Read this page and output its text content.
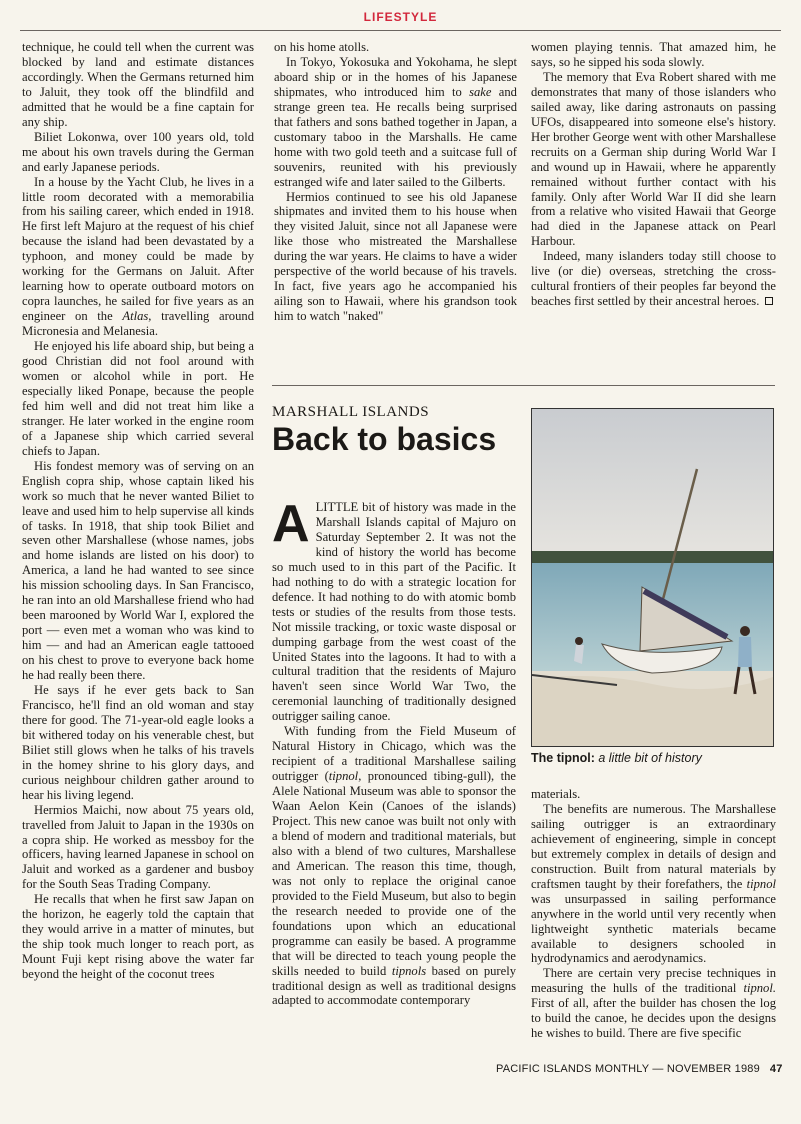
LIFESTYLE

technique, he could tell when the current was blocked by land and estimate distances accordingly. When the Germans returned him to Jaluit, they took off the blindfild and admitted that he would be a fine captain for any ship.

Biliet Lokonwa, over 100 years old, told me about his own travels during the German and early Japanese periods.

In a house by the Yacht Club, he lives in a little room decorated with a memorabilia from his sailing career, which ended in 1918. He first left Majuro at the request of his chief because the island had been devastated by a typhoon, and money could be made by working for the Germans on Jaluit. After learning how to operate outboard motors on copra launches, he sailed for five years as an engineer on the Atlas, travelling around Micronesia and Melanesia.

He enjoyed his life aboard ship, but being a good Christian did not fool around with women or alcohol while in port. He especially liked Ponape, because the people fed him well and did not treat him like a stranger. He later worked in the engine room of a Japanese ship which carried several chiefs to Japan.

His fondest memory was of serving on an English copra ship, whose captain liked his work so much that he never wanted Biliet to leave and used him to help supervise all kinds of tasks. In 1918, that ship took Biliet and seven other Marshallese (whose names, jobs and home islands are listed on his door) to America, a land he had wanted to see since his mission schooling days. In San Francisco, he ran into an old Marshallese friend who had been marooned by World War I, explored the port — even met a woman who was kind to him — and had an American eagle tattooed on his chest to prove to everyone back home he had really been there.

He says if he ever gets back to San Francisco, he'll find an old woman and stay there for good. The 71-year-old eagle looks a bit withered today on his venerable chest, but Biliet still glows when he talks of his travels in the homey shrine to his glory days, and curious neighbour children gather around to hear his living legend.

Hermios Maichi, now about 75 years old, travelled from Jaluit to Japan in the 1930s on a copra ship. He worked as messboy for the officers, having learned Japanese in school on Jaluit and worked as a gardener and busboy for the South Seas Trading Company.

He recalls that when he first saw Japan on the horizon, he eagerly told the captain that they would arrive in a matter of minutes, but the ship took much longer to reach port, as Mount Fuji kept rising above the water far beyond the height of the coconut trees

on his home atolls.

In Tokyo, Yokosuka and Yokohama, he slept aboard ship or in the homes of his Japanese shipmates, who introduced him to sake and strange green tea. He recalls being surprised that fathers and sons bathed together in Japan, a customary taboo in the Marshalls. He came home with two gold teeth and a suitcase full of souvenirs, reunited with his previously estranged wife and later sailed to the Gilberts.

Hermios continued to see his old Japanese shipmates and invited them to his house when they visited Jaluit, since not all Japanese were like those who mistreated the Marshallese during the war years. He claims to have a wider perspective of the world because of his travels. In fact, five years ago he accompanied his ailing son to Hawaii, where his grandson took him to watch "naked"

women playing tennis. That amazed him, he says, so he sipped his soda slowly.

The memory that Eva Robert shared with me demonstrates that many of those islanders who sailed away, like daring astronauts on passing UFOs, disappeared into someone else's history. Her brother George went with other Marshallese recruits on a German ship during World War I and wound up in Hawaii, where he apparently remained without further contact with his family. Only after World War II did she learn from a relative who visited Hawaii that George had died in the Japanese attack on Pearl Harbour.

Indeed, many islanders today still choose to live (or die) overseas, stretching the cross-cultural frontiers of their peoples far beyond the beaches first settled by their ancestral heroes.

MARSHALL ISLANDS
Back to basics

ALITTLE bit of history was made in the Marshall Islands capital of Majuro on Saturday September 2. It was not the kind of history the world has become so much used to in this part of the Pacific. It had nothing to do with a strategic location for defence. It had nothing to do with atomic bomb tests or studies of the results from those tests. Not missile tracking, or toxic waste disposal or dumping garbage from the west coast of the United States into the lagoons. It had to with a cultural tradition that the residents of Majuro haven't seen since World War Two, the ceremonial launching of traditionally designed outrigger sailing canoe.

With funding from the Field Museum of Natural History in Chicago, which was the recipient of a traditional Marshallese sailing outrigger (tipnol, pronounced tibing-gull), the Alele National Museum was able to sponsor the Waan Aelon Kein (Canoes of the islands) Project. This new canoe was built not only with a blend of modern and traditional materials, but also with a blend of two cultures, Marshallese and American. The reason this time, though, was not only to replace the original canoe provided to the Field Museum, but also to begin the research needed to provide one of the foundations upon which an educational programme can easily be based. A programme that will be directed to teach young people the skills needed to build tipnols based on purely traditional design as well as traditional designs adapted to accommodate contemporary

The tipnol: a little bit of history

materials.

The benefits are numerous. The Marshallese sailing outrigger is an extraordinary achievement of engineering, simple in concept but extremely complex in details of design and construction. Built from natural materials by craftsmen taught by their forefathers, the tipnol was unsurpassed in sailing performance anywhere in the world until very recently when lightweight synthetic materials became available to designers schooled in hydrodynamics and aerodynamics.

There are certain very precise techniques in measuring the hulls of the traditional tipnol. First of all, after the builder has chosen the log to build the canoe, he decides upon the designs he wishes to build. There are five specific

PACIFIC ISLANDS MONTHLY — NOVEMBER 1989 47
